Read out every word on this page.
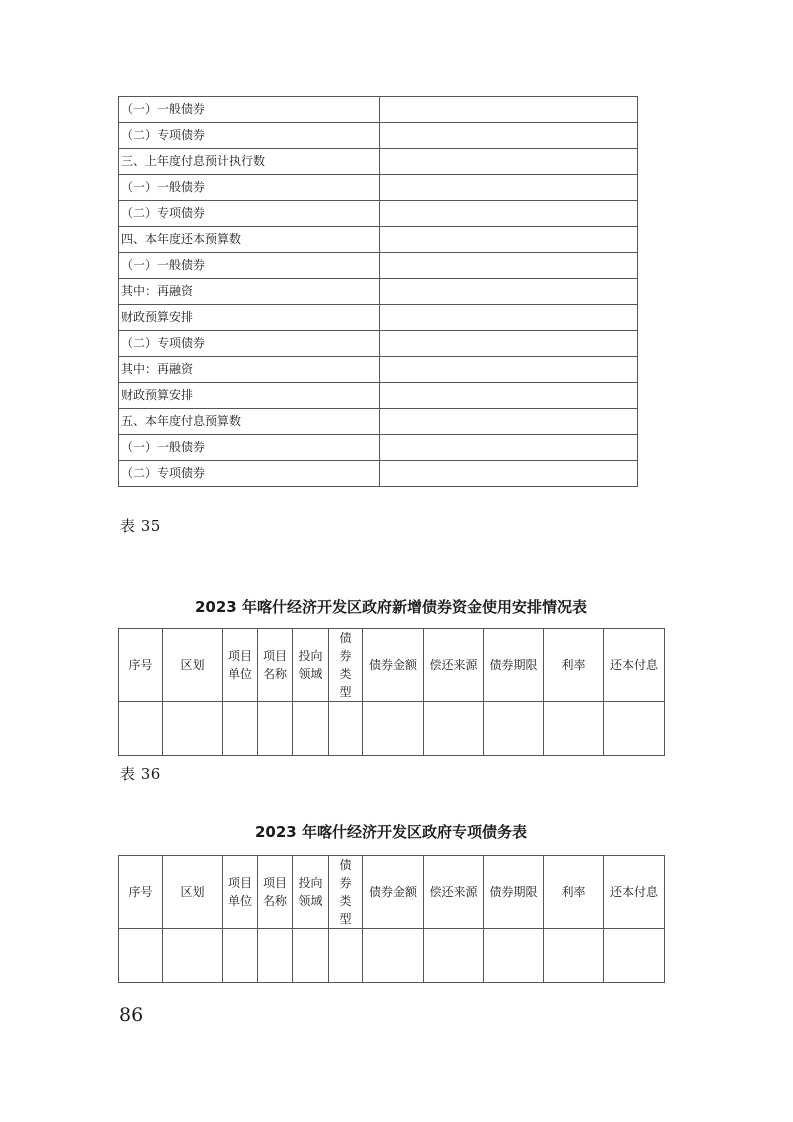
（一）一般债券	
（二）专项债券	
三、上年度付息预计执行数	
（一）一般债券	
（二）专项债券	
四、本年度还本预算数	
（一）一般债券	
其中：再融资	
财政预算安排	
（二）专项债券	
其中：再融资	
财政预算安排	
五、本年度付息预算数	
（一）一般债券	
（二）专项债券	
表 35
2023 年喀什经济开发区政府新增债券资金使用安排情况表
序号	区划	项目单位	项目名称	投向领域	债券类型	债券金额	偿还来源	债券期限	利率	还本付息

表 36
2023 年喀什经济开发区政府专项债务表
序号	区划	项目单位	项目名称	投向领域	债券类型	债券金额	偿还来源	债券期限	利率	还本付息

86
